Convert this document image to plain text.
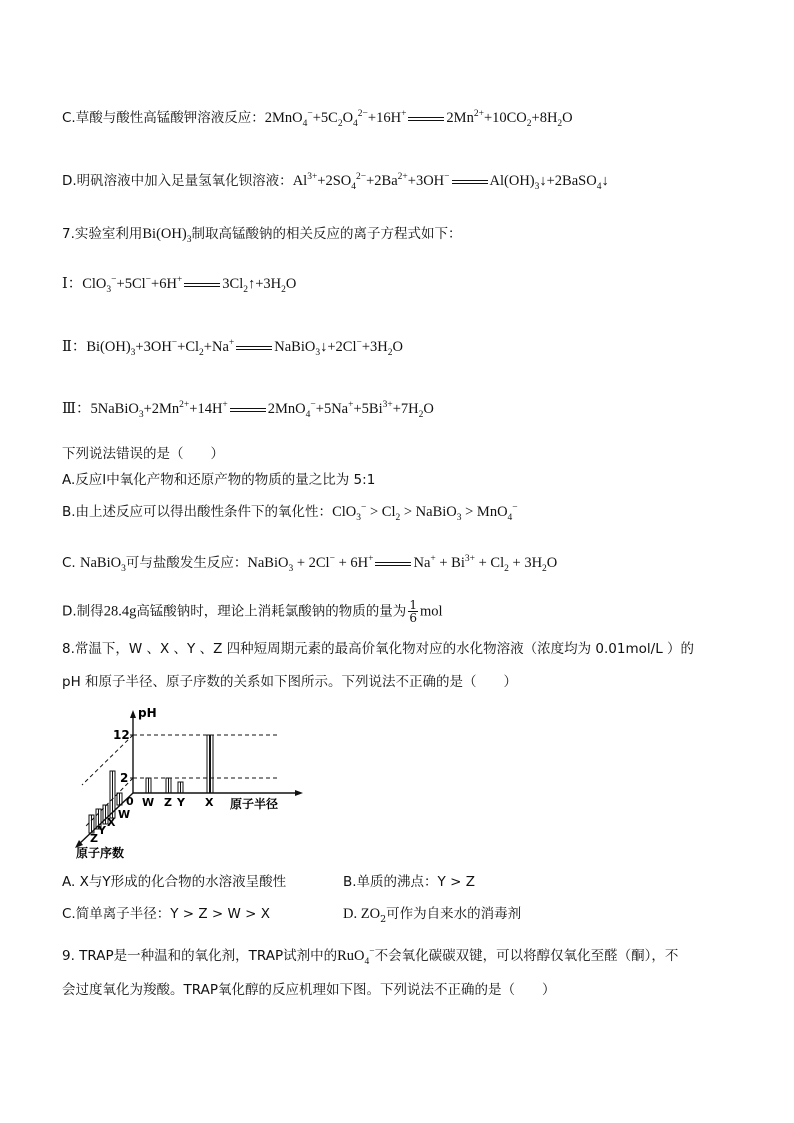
C.草酸与酸性高锰酸钾溶液反应：$2MnO_4^-+5C_2O_4^{2-}+16H^+$	$2Mn^{2+}+10CO_2+8H_2O$
D.明矾溶液中加入足量氢氧化钡溶液：$Al^{3+}+2SO_4^{2-}+2Ba^{2+}+3OH^-$	$Al(OH)_3↓+2BaSO_4↓$
7.实验室利用$Bi(OH)_3$制取高锰酸钠的相关反应的离子方程式如下：
Ⅰ：ClO$_3$−+5Cl−+6H+	$3Cl_2↑+3H_2O$
Ⅱ：$Bi(OH)_3+3OH^-+Cl_2+Na^+$	$NaBiO_3↓+2Cl^-+3H_2O$
Ⅲ：$5NaBiO_3+2Mn^{2+}+14H^+$	$2MnO_4^-+5Na^++5Bi^{3+}+7H_2O$
下列说法错误的是（　　）
A.反应Ⅰ中氧化产物和还原产物的物质的量之比为 5:1
B.由上述反应可以得出酸性条件下的氧化性：$ClO_3^- > Cl_2$ > NaBiO$_3$ > MnO$_4$−
C. NaBiO$_3$可与盐酸发生反应：NaBiO$_3$ + 2Cl− + 6H+	$Na^+ + Bi^{3+} + Cl_2 + 3H_2O$
D.制得28.4g高锰酸钠时，理论上消耗氯酸钠的物质的量为 $\frac{1}{6}$ mol
8.常温下，W 、X 、Y 、Z 四种短周期元素的最高价氧化物对应的水化物溶液（浓度均为 0.01mol/L ）的
pH 和原子半径、原子序数的关系如下图所示。下列说法不正确的是（　　）
pH
12
2
0 W Z Y X 原子半径
Z
Y
X
W
原子序数
A. X与Y形成的化合物的水溶液呈酸性	B.单质的沸点：Y > Z
C.简单离子半径：Y > Z > W > X	D. $ZO_2$可作为自来水的消毒剂
9. TRAP是一种温和的氧化剂，TRAP试剂中的RuO$_4$−不会氧化碳碳双键，可以将醇仅氧化至醛（酮），不
会过度氧化为羧酸。TRAP氧化醇的反应机理如下图。下列说法不正确的是（　　）
